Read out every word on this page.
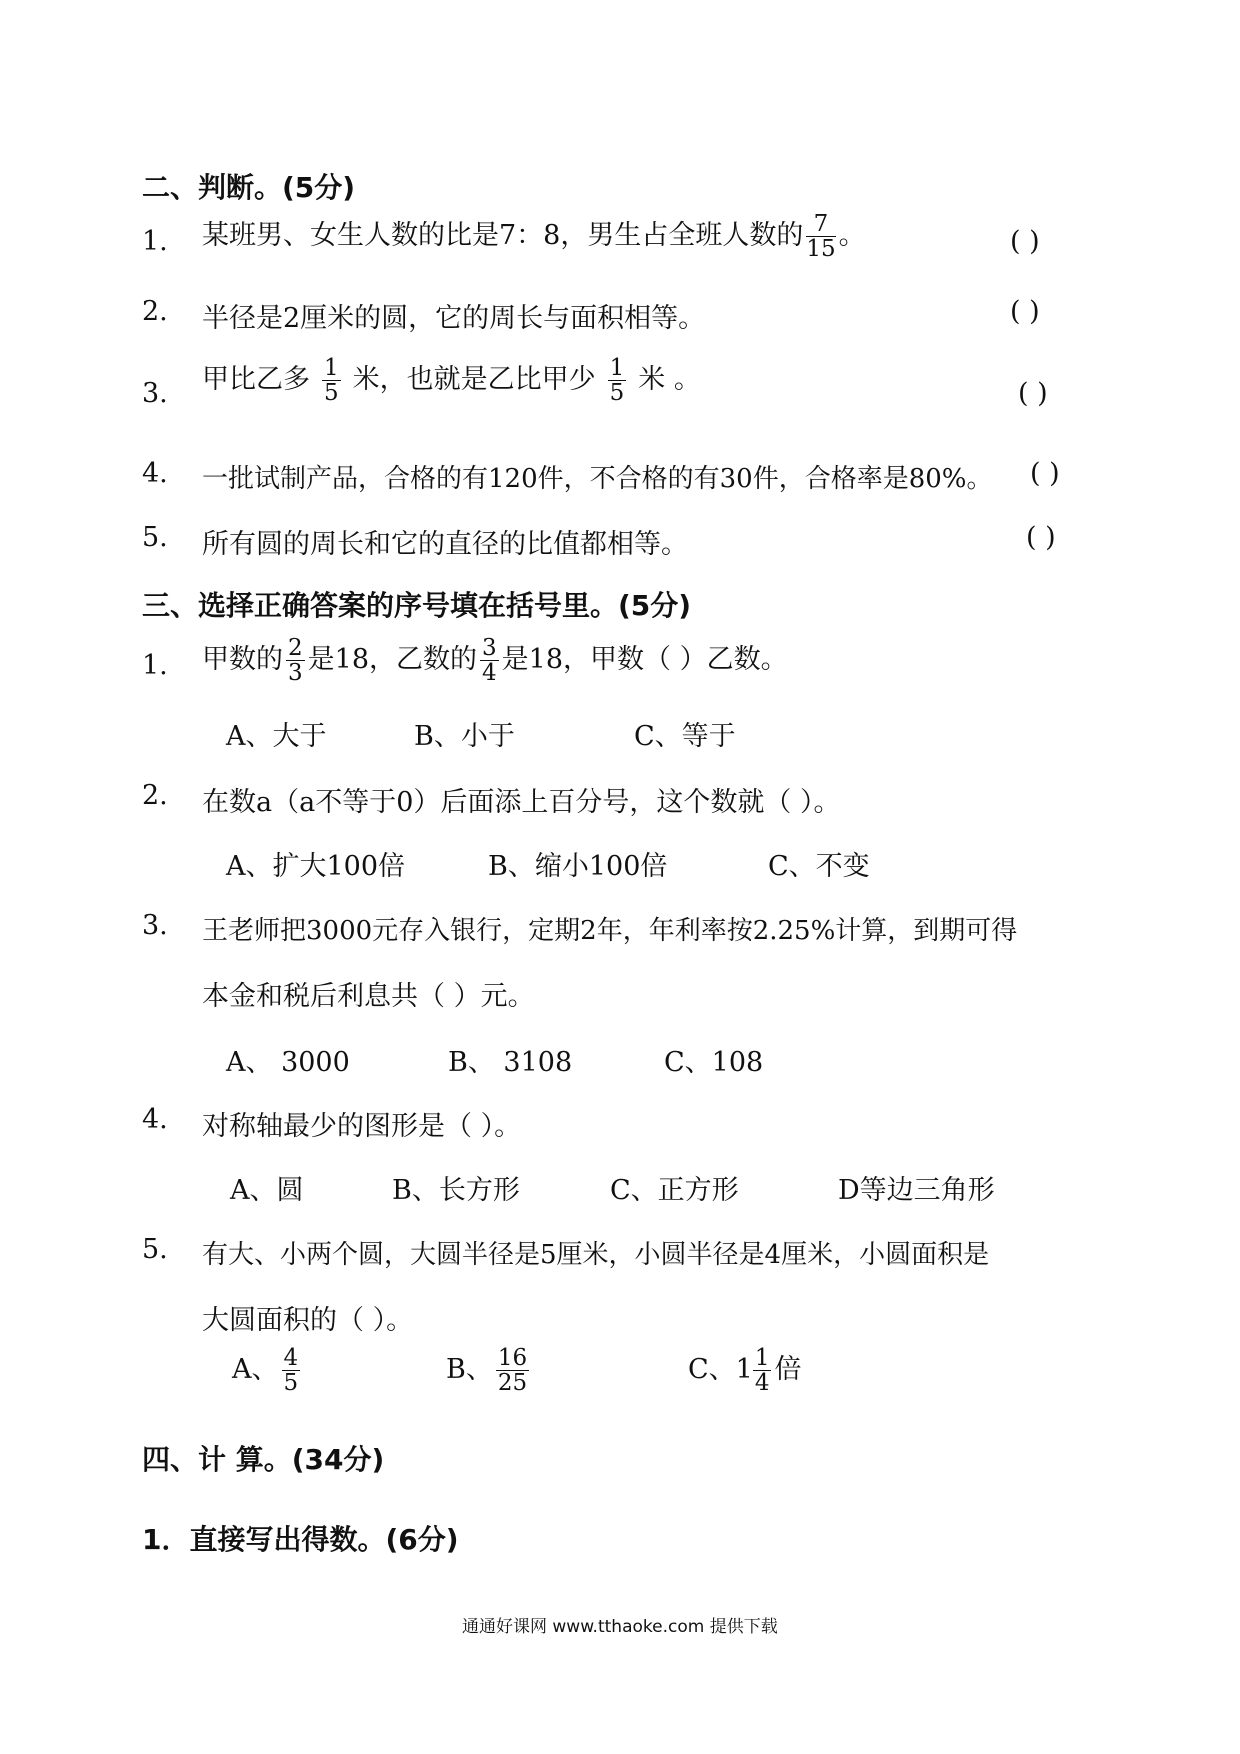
二、判断。(5分)
1. 某班男、女生人数的比是7：8，男生占全班人数的 $\frac{7}{15}$ 。	( )
2. 半径是2厘米的圆，它的周长与面积相等。	( )
3. 甲比乙多 $\frac{1}{5}$ 米，也就是乙比甲少 $\frac{1}{5}$ 米 。	( )
4. 一批试制产品，合格的有120件，不合格的有30件，合格率是80%。 ( )
5. 所有圆的周长和它的直径的比值都相等。	( )
三、选择正确答案的序号填在括号里。(5分)
1. 甲数的 $\frac{2}{3}$ 是18，乙数的 $\frac{3}{4}$ 是18，甲数（ ）乙数。
A、大于	B、小于	C、等于
2. 在数a（a不等于0）后面添上百分号，这个数就（ ）。
A、扩大100倍	B、缩小100倍	C、不变
3. 王老师把3000元存入银行，定期2年，年利率按2.25%计算，到期可得
本金和税后利息共（ ）元。
A、 3000	B、 3108	C、108
4. 对称轴最少的图形是（ ）。
A、圆	B、长方形	C、正方形	D等边三角形
5. 有大、小两个圆，大圆半径是5厘米，小圆半径是4厘米，小圆面积是
大圆面积的（ ）。
A、 $\frac{4}{5}$	B、 $\frac{16}{25}$	C、$1 \frac{1}{4}$ 倍
四、计 算。(34分)
1．直接写出得数。(6分)
通通好课网 www.tthaoke.com 提供下载
